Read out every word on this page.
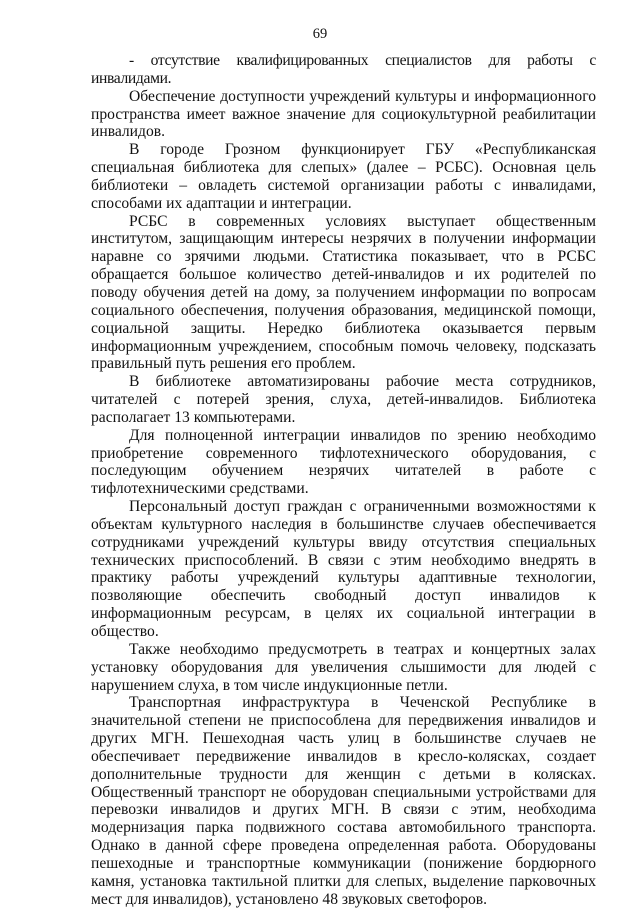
69

- отсутствие квалифицированных специалистов для работы с инвалидами.

Обеспечение доступности учреждений культуры и информационного пространства имеет важное значение для социокультурной реабилитации инвалидов.

В городе Грозном функционирует ГБУ «Республиканская специальная библиотека для слепых» (далее – РСБС). Основная цель библиотеки – овладеть системой организации работы с инвалидами, способами их адаптации и интеграции.

РСБС в современных условиях выступает общественным институтом, защищающим интересы незрячих в получении информации наравне со зрячими людьми. Статистика показывает, что в РСБС обращается большое количество детей-инвалидов и их родителей по поводу обучения детей на дому, за получением информации по вопросам социального обеспечения, получения образования, медицинской помощи, социальной защиты. Нередко библиотека оказывается первым информационным учреждением, способным помочь человеку, подсказать правильный путь решения его проблем.

В библиотеке автоматизированы рабочие места сотрудников, читателей с потерей зрения, слуха, детей-инвалидов. Библиотека располагает 13 компьютерами.

Для полноценной интеграции инвалидов по зрению необходимо приобретение современного тифлотехнического оборудования, с последующим обучением незрячих читателей в работе с тифлотехническими средствами.

Персональный доступ граждан с ограниченными возможностями к объектам культурного наследия в большинстве случаев обеспечивается сотрудниками учреждений культуры ввиду отсутствия специальных технических приспособлений. В связи с этим необходимо внедрять в практику работы учреждений культуры адаптивные технологии, позволяющие обеспечить свободный доступ инвалидов к информационным ресурсам, в целях их социальной интеграции в общество.

Также необходимо предусмотреть в театрах и концертных залах установку оборудования для увеличения слышимости для людей с нарушением слуха, в том числе индукционные петли.

Транспортная инфраструктура в Чеченской Республике в значительной степени не приспособлена для передвижения инвалидов и других МГН. Пешеходная часть улиц в большинстве случаев не обеспечивает передвижение инвалидов в кресло-колясках, создает дополнительные трудности для женщин с детьми в колясках. Общественный транспорт не оборудован специальными устройствами для перевозки инвалидов и других МГН. В связи с этим, необходима модернизация парка подвижного состава автомобильного транспорта. Однако в данной сфере проведена определенная работа. Оборудованы пешеходные и транспортные коммуникации (понижение бордюрного камня, установка тактильной плитки для слепых, выделение парковочных мест для инвалидов), установлено 48 звуковых светофоров.
